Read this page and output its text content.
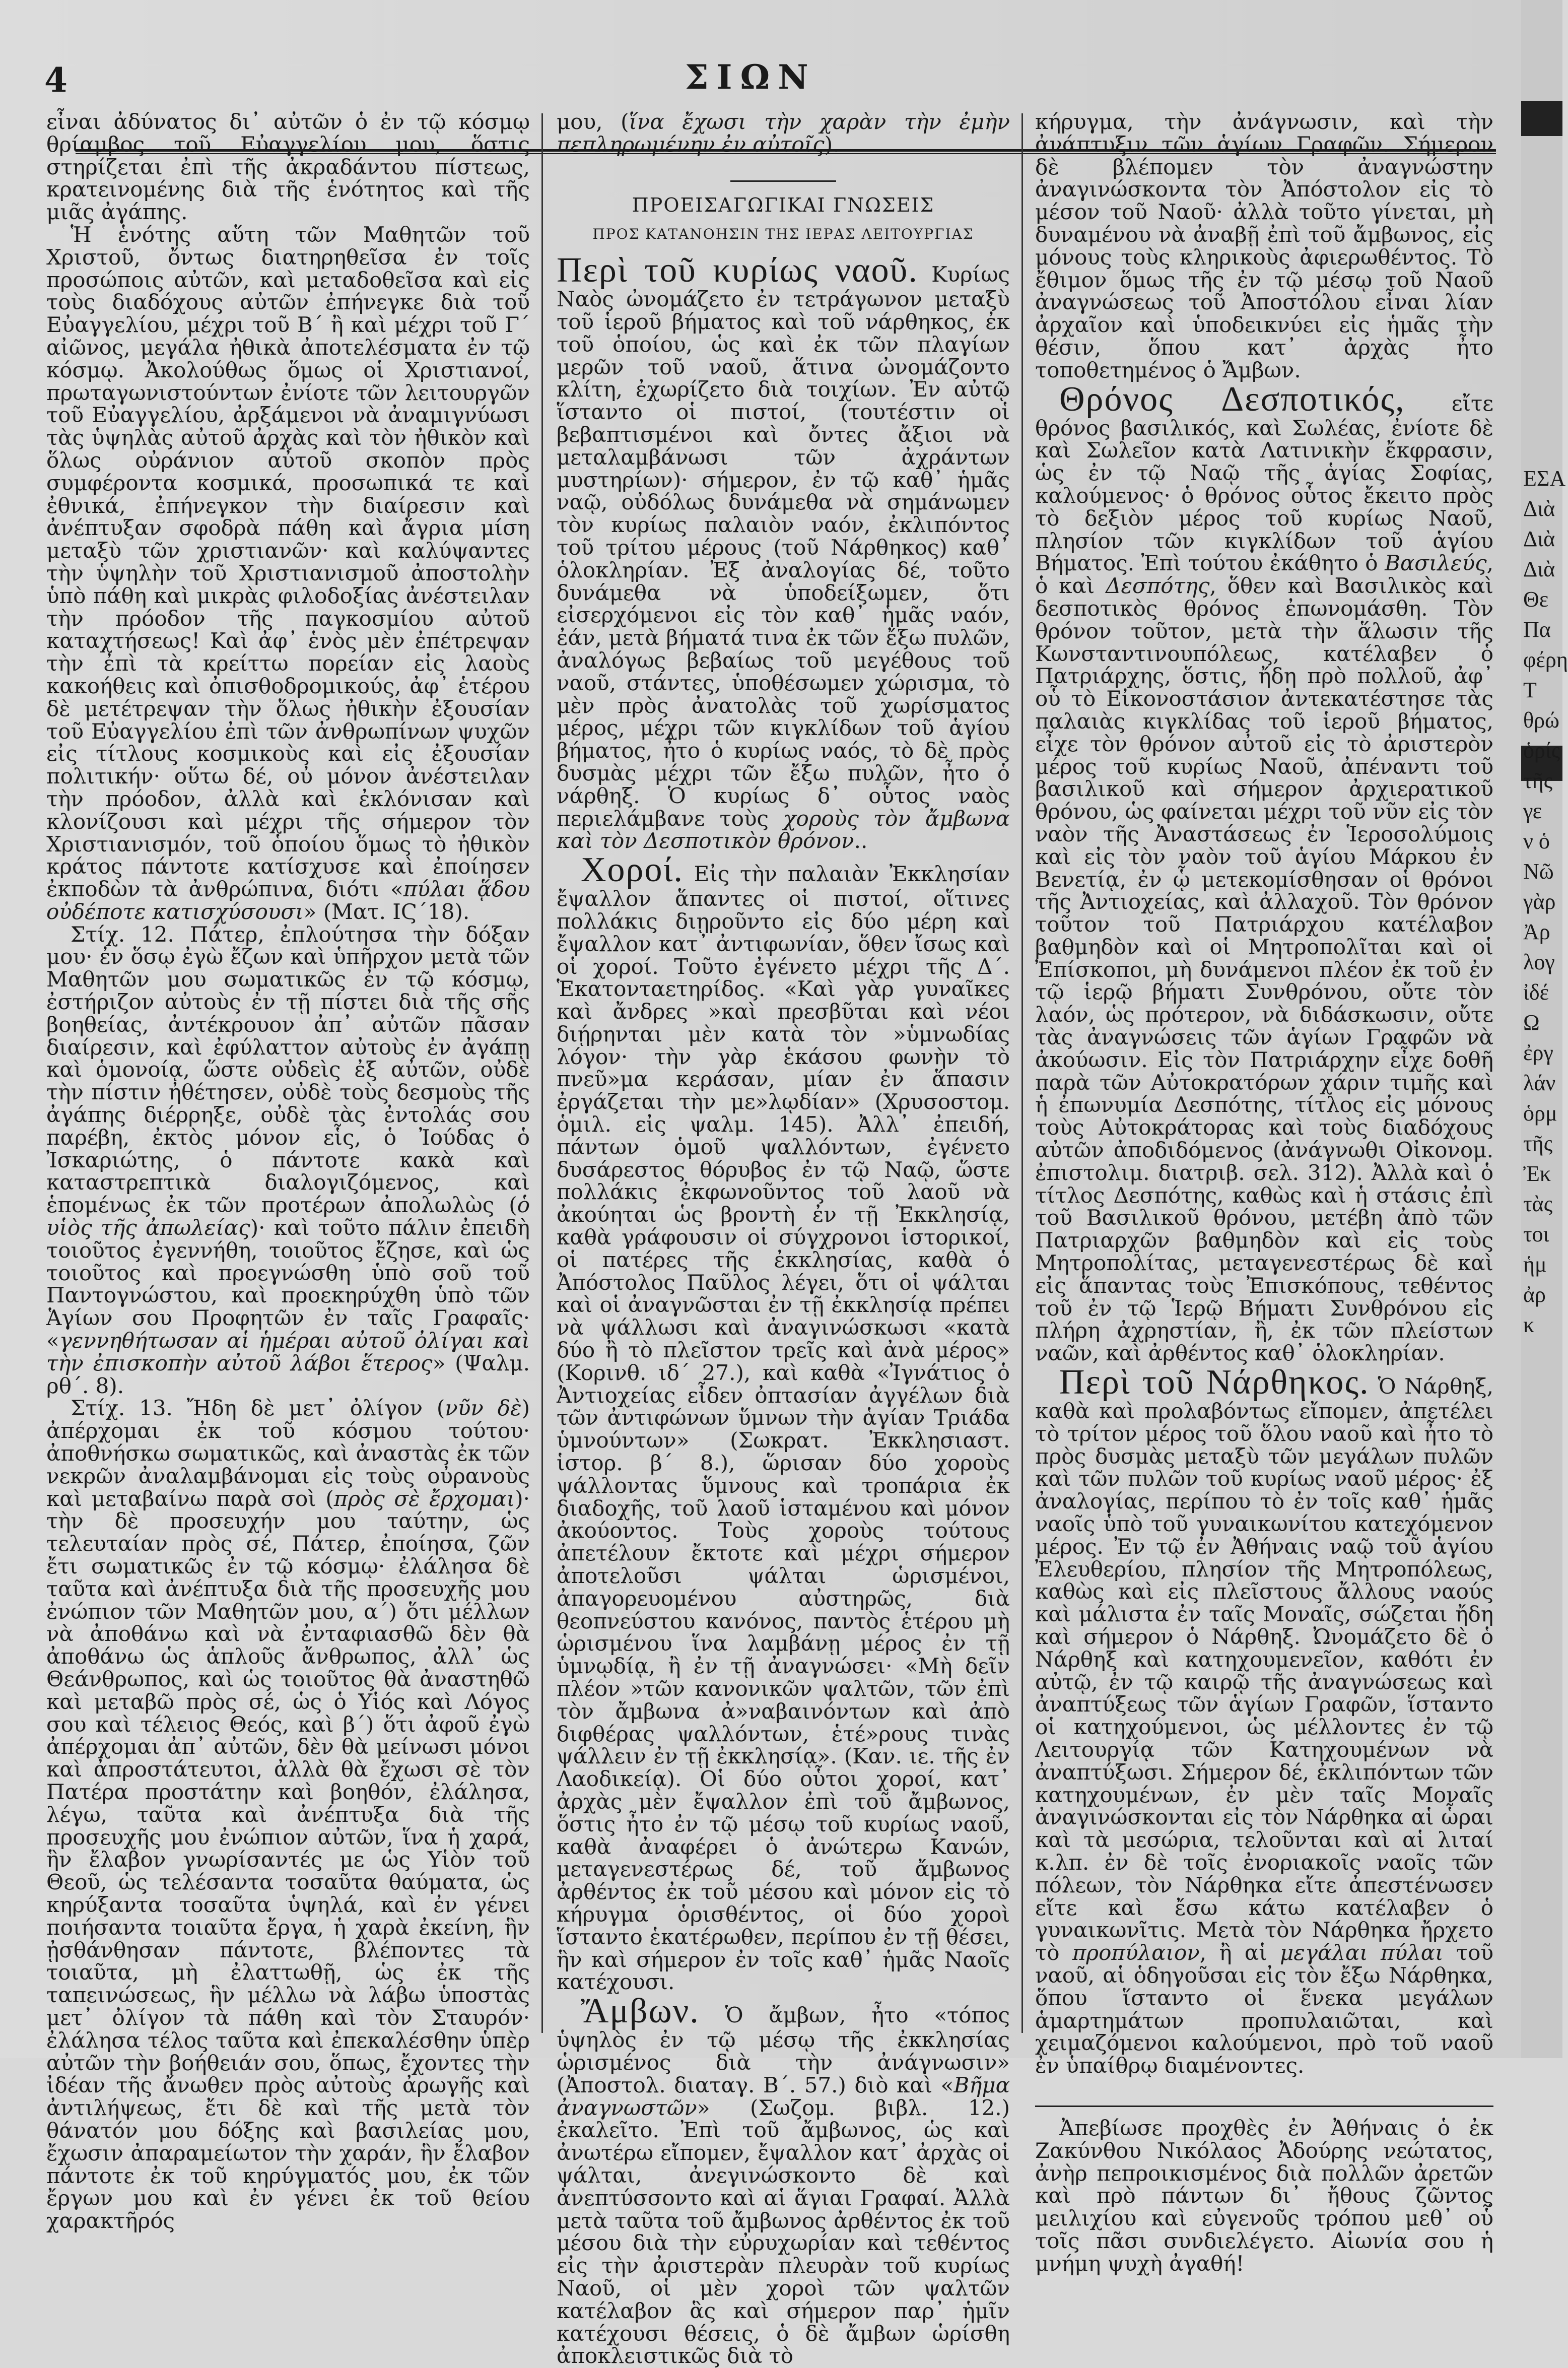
4	ΣΙΩΝ

εἶναι ἀδύνατος δι᾽ αὐτῶν ὁ ἐν τῷ κόσμῳ θρίαμβος τοῦ Εὐαγγελίου μου, ὅστις στηρίζεται ἐπὶ τῆς ἀκραδάντου πίστεως, κρατεινομένης διὰ τῆς ἑνότητος καὶ τῆς μιᾶς ἀγάπης.

Ἡ ἑνότης αὕτη τῶν Μαθητῶν τοῦ Χριστοῦ, ὄντως διατηρηθεῖσα ἐν τοῖς προσώποις αὐτῶν, καὶ μεταδοθεῖσα καὶ εἰς τοὺς διαδόχους αὐτῶν ἐπήνεγκε διὰ τοῦ Εὐαγγελίου, μέχρι τοῦ Β´ ἢ καὶ μέχρι τοῦ Γ´ αἰῶνος, μεγάλα ἠθικὰ ἀποτελέσματα ἐν τῷ κόσμῳ. Ἀκολούθως ὅμως οἱ Χριστιανοί, πρωταγωνιστούντων ἐνίοτε τῶν λειτουργῶν τοῦ Εὐαγγελίου, ἀρξάμενοι νὰ ἀναμιγνύωσι τὰς ὑψηλὰς αὐτοῦ ἀρχὰς καὶ τὸν ἠθικὸν καὶ ὅλως οὐράνιον αὐτοῦ σκοπὸν πρὸς συμφέροντα κοσμικά, προσωπικά τε καὶ ἐθνικά, ἐπήνεγκον τὴν διαίρεσιν καὶ ἀνέπτυξαν σφοδρὰ πάθη καὶ ἄγρια μίση μεταξὺ τῶν χριστιανῶν· καὶ καλύψαντες τὴν ὑψηλὴν τοῦ Χριστιανισμοῦ ἀποστολὴν ὑπὸ πάθη καὶ μικρὰς φιλοδοξίας ἀνέστειλαν τὴν πρόοδον τῆς παγκοσμίου αὐτοῦ καταχτήσεως! Καὶ ἀφ᾽ ἑνὸς μὲν ἐπέτρεψαν τὴν ἐπὶ τὰ κρείττω πορείαν εἰς λαοὺς κακοήθεις καὶ ὀπισθοδρομικούς, ἀφ᾽ ἑτέρου δὲ μετέτρεψαν τὴν ὅλως ἠθικὴν ἐξουσίαν τοῦ Εὐαγγελίου ἐπὶ τῶν ἀνθρωπίνων ψυχῶν εἰς τίτλους κοσμικοὺς καὶ εἰς ἐξουσίαν πολιτικήν· οὕτω δέ, οὐ μόνον ἀνέστειλαν τὴν πρόοδον, ἀλλὰ καὶ ἐκλόνισαν καὶ κλονίζουσι καὶ μέχρι τῆς σήμερον τὸν Χριστιανισμόν, τοῦ ὁποίου ὅμως τὸ ἠθικὸν κράτος πάντοτε κατίσχυσε καὶ ἐποίησεν ἐκποδὼν τὰ ἀνθρώπινα, διότι «πύλαι ᾅδου οὐδέποτε κατισχύσουσι» (Ματ. ΙϚ´18).

Στίχ. 12. Πάτερ, ἐπλούτησα τὴν δόξαν μου· ἐν ὅσῳ ἐγὼ ἔζων καὶ ὑπῆρχον μετὰ τῶν Μαθητῶν μου σωματικῶς ἐν τῷ κόσμῳ, ἐστήριζον αὐτοὺς ἐν τῇ πίστει διὰ τῆς σῆς βοηθείας, ἀντέκρουον ἀπ᾽ αὐτῶν πᾶσαν διαίρεσιν, καὶ ἐφύλαττον αὐτοὺς ἐν ἀγάπῃ καὶ ὁμονοίᾳ, ὥστε οὐδεὶς ἐξ αὐτῶν, οὐδὲ τὴν πίστιν ἠθέτησεν, οὐδὲ τοὺς δεσμοὺς τῆς ἀγάπης διέρρηξε, οὐδὲ τὰς ἐντολάς σου παρέβη, ἐκτὸς μόνον εἷς, ὁ Ἰούδας ὁ Ἰσκαριώτης, ὁ πάντοτε κακὰ καὶ καταστρεπτικὰ διαλογιζόμενος, καὶ ἑπομένως ἐκ τῶν προτέρων ἀπολωλὼς (ὁ υἱὸς τῆς ἀπωλείας)· καὶ τοῦτο πάλιν ἐπειδὴ τοιοῦτος ἐγεννήθη, τοιοῦτος ἔζησε, καὶ ὡς τοιοῦτος καὶ προεγνώσθη ὑπὸ σοῦ τοῦ Παντογνώστου, καὶ προεκηρύχθη ὑπὸ τῶν Ἁγίων σου Προφητῶν ἐν ταῖς Γραφαῖς· «γεννηθήτωσαν αἱ ἡμέραι αὐτοῦ ὀλίγαι καὶ τὴν ἐπισκοπὴν αὐτοῦ λάβοι ἕτερος» (Ψαλμ. ρθ´. 8).

Στίχ. 13. Ἤδη δὲ μετ᾽ ὀλίγον (νῦν δὲ) ἀπέρχομαι ἐκ τοῦ κόσμου τούτου· ἀποθνήσκω σωματικῶς, καὶ ἀναστὰς ἐκ τῶν νεκρῶν ἀναλαμβάνομαι εἰς τοὺς οὐρανοὺς καὶ μεταβαίνω παρὰ σοὶ (πρὸς σὲ ἔρχομαι)· τὴν δὲ προσευχήν μου ταύτην, ὡς τελευταίαν πρὸς σέ, Πάτερ, ἐποίησα, ζῶν ἔτι σωματικῶς ἐν τῷ κόσμῳ· ἐλάλησα δὲ ταῦτα καὶ ἀνέπτυξα διὰ τῆς προσευχῆς μου ἐνώπιον τῶν Μαθητῶν μου, α´) ὅτι μέλλων νὰ ἀποθάνω καὶ νὰ ἐνταφιασθῶ δὲν θὰ ἀποθάνω ὡς ἁπλοῦς ἄνθρωπος, ἀλλ᾽ ὡς Θεάνθρωπος, καὶ ὡς τοιοῦτος θὰ ἀναστηθῶ καὶ μεταβῶ πρὸς σέ, ὡς ὁ Υἱός καὶ Λόγος σου καὶ τέλειος Θεός, καὶ β´) ὅτι ἀφοῦ ἐγὼ ἀπέρχομαι ἀπ᾽ αὐτῶν, δὲν θὰ μείνωσι μόνοι καὶ ἀπροστάτευτοι, ἀλλὰ θὰ ἔχωσι σὲ τὸν Πατέρα προστάτην καὶ βοηθόν, ἐλάλησα, λέγω, ταῦτα καὶ ἀνέπτυξα διὰ τῆς προσευχῆς μου ἐνώπιον αὐτῶν, ἵνα ἡ χαρά, ἣν ἔλαβον γνωρίσαντές με ὡς Υἱὸν τοῦ Θεοῦ, ὡς τελέσαντα τοσαῦτα θαύματα, ὡς κηρύξαντα τοσαῦτα ὑψηλά, καὶ ἐν γένει ποιήσαντα τοιαῦτα ἔργα, ἡ χαρὰ ἐκείνη, ἣν ᾐσθάνθησαν πάντοτε, βλέποντες τὰ τοιαῦτα, μὴ ἐλαττωθῇ, ὡς ἐκ τῆς ταπεινώσεως, ἣν μέλλω νὰ λάβω ὑποστὰς μετ᾽ ὀλίγον τὰ πάθη καὶ τὸν Σταυρόν· ἐλάλησα τέλος ταῦτα καὶ ἐπεκαλέσθην ὑπὲρ αὐτῶν τὴν βοήθειάν σου, ὅπως, ἔχοντες τὴν ἰδέαν τῆς ἄνωθεν πρὸς αὐτοὺς ἀρωγῆς καὶ ἀντιλήψεως, ἔτι δὲ καὶ τῆς μετὰ τὸν θάνατόν μου δόξης καὶ βασιλείας μου, ἔχωσιν ἀπαραμείωτον τὴν χαράν, ἣν ἔλαβον πάντοτε ἐκ τοῦ κηρύγματός μου, ἐκ τῶν ἔργων μου καὶ ἐν γένει ἐκ τοῦ θείου χαρακτῆρός

μου, (ἵνα ἔχωσι τὴν χαρὰν τὴν ἐμὴν πεπληρωμένην ἐν αὐτοῖς).

ΠΡΟΕΙΣΑΓΩΓΙΚΑΙ ΓΝΩΣΕΙΣ
ΠΡΟΣ ΚΑΤΑΝΟΗΣΙΝ ΤΗΣ ΙΕΡΑΣ ΛΕΙΤΟΥΡΓΙΑΣ

Περὶ τοῦ κυρίως ναοῦ. Κυρίως Ναὸς ὠνομάζετο ἐν τετράγωνον μεταξὺ τοῦ ἱεροῦ βήματος καὶ τοῦ νάρθηκος, ἐκ τοῦ ὁποίου, ὡς καὶ ἐκ τῶν πλαγίων μερῶν τοῦ ναοῦ, ἅτινα ὠνομάζοντο κλίτη, ἐχωρίζετο διὰ τοιχίων. Ἐν αὐτῷ ἵσταντο οἱ πιστοί, (τουτέστιν οἱ βεβαπτισμένοι καὶ ὄντες ἄξιοι νὰ μεταλαμβάνωσι τῶν ἀχράντων μυστηρίων)· σήμερον, ἐν τῷ καθ᾽ ἡμᾶς ναῷ, οὐδόλως δυνάμεθα νὰ σημάνωμεν τὸν κυρίως παλαιὸν ναόν, ἐκλιπόντος τοῦ τρίτου μέρους (τοῦ Νάρθηκος) καθ᾽ ὁλοκληρίαν. Ἐξ ἀναλογίας δέ, τοῦτο δυνάμεθα νὰ ὑποδείξωμεν, ὅτι εἰσερχόμενοι εἰς τὸν καθ᾽ ἡμᾶς ναόν, ἐάν, μετὰ βήματά τινα ἐκ τῶν ἔξω πυλῶν, ἀναλόγως βεβαίως τοῦ μεγέθους τοῦ ναοῦ, στάντες, ὑποθέσωμεν χώρισμα, τὸ μὲν πρὸς ἀνατολὰς τοῦ χωρίσματος μέρος, μέχρι τῶν κιγκλίδων τοῦ ἁγίου βήματος, ἦτο ὁ κυρίως ναός, τὸ δὲ πρὸς δυσμὰς μέχρι τῶν ἔξω πυλῶν, ἦτο ὁ νάρθηξ. Ὁ κυρίως δ᾽ οὗτος ναὸς περιελάμβανε τοὺς χοροὺς τὸν ἄμβωνα καὶ τὸν Δεσποτικὸν θρόνον..

Χοροί. Εἰς τὴν παλαιὰν Ἐκκλησίαν ἔψαλλον ἅπαντες οἱ πιστοί, οἵτινες πολλάκις διῃροῦντο εἰς δύο μέρη καὶ ἔψαλλον κατ᾽ ἀντιφωνίαν, ὅθεν ἴσως καὶ οἱ χοροί. Τοῦτο ἐγένετο μέχρι τῆς Δ´. Ἑκατονταετηρίδος. «Καὶ γὰρ γυναῖκες καὶ ἄνδρες »καὶ πρεσβῦται καὶ νέοι διῄρηνται μὲν κατὰ τὸν »ὑμνωδίας λόγον· τὴν γὰρ ἑκάσου φωνὴν τὸ πνεῦ»μα κεράσαν, μίαν ἐν ἅπασιν ἐργάζεται τὴν με»λῳδίαν» (Χρυσοστομ. ὁμιλ. εἰς ψαλμ. 145). Ἀλλ᾽ ἐπειδή, πάντων ὁμοῦ ψαλλόντων, ἐγένετο δυσάρεστος θόρυβος ἐν τῷ Ναῷ, ὥστε πολλάκις ἐκφωνοῦντος τοῦ λαοῦ νὰ ἀκούηται ὡς βροντὴ ἐν τῇ Ἐκκλησίᾳ, καθὰ γράφουσιν οἱ σύγχρονοι ἱστορικοί, οἱ πατέρες τῆς ἐκκλησίας, καθὰ ὁ Ἀπόστολος Παῦλος λέγει, ὅτι οἱ ψάλται καὶ οἱ ἀναγνῶσται ἐν τῇ ἐκκλησίᾳ πρέπει νὰ ψάλλωσι καὶ ἀναγινώσκωσι «κατὰ δύο ἢ τὸ πλεῖστον τρεῖς καὶ ἀνὰ μέρος» (Κορινθ. ιδ´ 27.), καὶ καθὰ «Ἰγνάτιος ὁ Ἀντιοχείας εἶδεν ὀπτασίαν ἀγγέλων διὰ τῶν ἀντιφώνων ὕμνων τὴν ἁγίαν Τριάδα ὑμνούντων» (Σωκρατ. Ἐκκλησιαστ. ἱστορ. β´ 8.), ὥρισαν δύο χοροὺς ψάλλοντας ὕμνους καὶ τροπάρια ἐκ διαδοχῆς, τοῦ λαοῦ ἱσταμένου καὶ μόνον ἀκούοντος. Τοὺς χοροὺς τούτους ἀπετέλουν ἔκτοτε καὶ μέχρι σήμερον ἀποτελοῦσι ψάλται ὡρισμένοι, ἀπαγορευομένου αὐστηρῶς, διὰ θεοπνεύστου κανόνος, παντὸς ἑτέρου μὴ ὡρισμένου ἵνα λαμβάνῃ μέρος ἐν τῇ ὑμνῳδίᾳ, ἢ ἐν τῇ ἀναγνώσει· «Μὴ δεῖν πλέον »τῶν κανονικῶν ψαλτῶν, τῶν ἐπὶ τὸν ἄμβωνα ἀ»ναβαινόντων καὶ ἀπὸ διφθέρας ψαλλόντων, ἑτέ»ρους τινὰς ψάλλειν ἐν τῇ ἐκκλησίᾳ». (Καν. ιε. τῆς ἐν Λαοδικείᾳ). Οἱ δύο οὗτοι χοροί, κατ᾽ ἀρχὰς μὲν ἔψαλλον ἐπὶ τοῦ ἄμβωνος, ὅστις ἦτο ἐν τῷ μέσῳ τοῦ κυρίως ναοῦ, καθὰ ἀναφέρει ὁ ἀνώτερω Κανών, μεταγενεστέρως δέ, τοῦ ἄμβωνος ἀρθέντος ἐκ τοῦ μέσου καὶ μόνον εἰς τὸ κήρυγμα ὁρισθέντος, οἱ δύο χοροὶ ἵσταντο ἑκατέρωθεν, περίπου ἐν τῇ θέσει, ἣν καὶ σήμερον ἐν τοῖς καθ᾽ ἡμᾶς Ναοῖς κατέχουσι.

Ἄμβων. Ὁ ἄμβων, ἦτο «τόπος ὑψηλὸς ἐν τῷ μέσῳ τῆς ἐκκλησίας ὡρισμένος διὰ τὴν ἀνάγνωσιν» (Ἀποστολ. διαταγ. Β´. 57.) διὸ καὶ «Βῆμα ἀναγνωστῶν» (Σωζομ. βιβλ. 12.) ἐκαλεῖτο. Ἐπὶ τοῦ ἄμβωνος, ὡς καὶ ἀνωτέρω εἴπομεν, ἔψαλλον κατ᾽ ἀρχὰς οἱ ψάλται, ἀνεγινώσκοντο δὲ καὶ ἀνεπτύσσοντο καὶ αἱ ἅγιαι Γραφαί. Ἀλλὰ μετὰ ταῦτα τοῦ ἄμβωνος ἀρθέντος ἐκ τοῦ μέσου διὰ τὴν εὐρυχωρίαν καὶ τεθέντος εἰς τὴν ἀριστερὰν πλευρὰν τοῦ κυρίως Ναοῦ, οἱ μὲν χοροὶ τῶν ψαλτῶν κατέλαβον ἃς καὶ σήμερον παρ᾽ ἡμῖν κατέχουσι θέσεις, ὁ δὲ ἄμβων ὡρίσθη ἀποκλειστικῶς διὰ τὸ

κήρυγμα, τὴν ἀνάγνωσιν, καὶ τὴν ἀνάπτυξιν τῶν ἁγίων Γραφῶν. Σήμερον δὲ βλέπομεν τὸν ἀναγνώστην ἀναγινώσκοντα τὸν Ἀπόστολον εἰς τὸ μέσον τοῦ Ναοῦ· ἀλλὰ τοῦτο γίνεται, μὴ δυναμένου νὰ ἀναβῇ ἐπὶ τοῦ ἄμβωνος, εἰς μόνους τοὺς κληρικοὺς ἀφιερωθέντος. Τὸ ἔθιμον ὅμως τῆς ἐν τῷ μέσῳ τοῦ Ναοῦ ἀναγνώσεως τοῦ Ἀποστόλου εἶναι λίαν ἀρχαῖον καὶ ὑποδεικνύει εἰς ἡμᾶς τὴν θέσιν, ὅπου κατ᾽ ἀρχὰς ἦτο τοποθετημένος ὁ Ἄμβων.

Θρόνος Δεσποτικός, εἴτε θρόνος βασιλικός, καὶ Σωλέας, ἐνίοτε δὲ καὶ Σωλεῖον κατὰ Λατινικὴν ἔκφρασιν, ὡς ἐν τῷ Ναῷ τῆς ἁγίας Σοφίας, καλούμενος· ὁ θρόνος οὗτος ἔκειτο πρὸς τὸ δεξιὸν μέρος τοῦ κυρίως Ναοῦ, πλησίον τῶν κιγκλίδων τοῦ ἁγίου Βήματος. Ἐπὶ τούτου ἐκάθητο ὁ Βασιλεύς, ὁ καὶ Δεσπότης, ὅθεν καὶ Βασιλικὸς καὶ δεσποτικὸς θρόνος ἐπωνομάσθη. Τὸν θρόνον τοῦτον, μετὰ τὴν ἅλωσιν τῆς Κωνσταντινουπόλεως, κατέλαβεν ὁ Πατριάρχης, ὅστις, ἤδη πρὸ πολλοῦ, ἀφ᾽ οὗ τὸ Εἰκονοστάσιον ἀντεκατέστησε τὰς παλαιὰς κιγκλίδας τοῦ ἱεροῦ βήματος, εἶχε τὸν θρόνον αὐτοῦ εἰς τὸ ἀριστερὸν μέρος τοῦ κυρίως Ναοῦ, ἀπέναντι τοῦ βασιλικοῦ καὶ σήμερον ἀρχιερατικοῦ θρόνου, ὡς φαίνεται μέχρι τοῦ νῦν εἰς τὸν ναὸν τῆς Ἀναστάσεως ἐν Ἱεροσολύμοις καὶ εἰς τὸν ναὸν τοῦ ἁγίου Μάρκου ἐν Βενετίᾳ, ἐν ᾧ μετεκομίσθησαν οἱ θρόνοι τῆς Ἀντιοχείας, καὶ ἀλλαχοῦ. Τὸν θρόνον τοῦτον τοῦ Πατριάρχου κατέλαβον βαθμηδὸν καὶ οἱ Μητροπολῖται καὶ οἱ Ἐπίσκοποι, μὴ δυνάμενοι πλέον ἐκ τοῦ ἐν τῷ ἱερῷ βήματι Συνθρόνου, οὔτε τὸν λαόν, ὡς πρότερον, νὰ διδάσκωσιν, οὔτε τὰς ἀναγνώσεις τῶν ἁγίων Γραφῶν νὰ ἀκούωσιν. Εἰς τὸν Πατριάρχην εἶχε δοθῆ παρὰ τῶν Αὐτοκρατόρων χάριν τιμῆς καὶ ἡ ἐπωνυμία Δεσπότης, τίτλος εἰς μόνους τοὺς Αὐτοκράτορας καὶ τοὺς διαδόχους αὐτῶν ἀποδιδόμενος (ἀνάγνωθι Οἰκονομ. ἐπιστολιμ. διατριβ. σελ. 312). Ἀλλὰ καὶ ὁ τίτλος Δεσπότης, καθὼς καὶ ἡ στάσις ἐπὶ τοῦ Βασιλικοῦ θρόνου, μετέβη ἀπὸ τῶν Πατριαρχῶν βαθμηδὸν καὶ εἰς τοὺς Μητροπολίτας, μεταγενεστέρως δὲ καὶ εἰς ἅπαντας τοὺς Ἐπισκόπους, τεθέντος τοῦ ἐν τῷ Ἱερῷ Βήματι Συνθρόνου εἰς πλήρη ἀχρηστίαν, ἢ, ἐκ τῶν πλείστων ναῶν, καὶ ἀρθέντος καθ᾽ ὁλοκληρίαν.

Περὶ τοῦ Νάρθηκος. Ὁ Νάρθηξ, καθὰ καὶ προλαβόντως εἴπομεν, ἀπετέλει τὸ τρίτον μέρος τοῦ ὅλου ναοῦ καὶ ἦτο τὸ πρὸς δυσμὰς μεταξὺ τῶν μεγάλων πυλῶν καὶ τῶν πυλῶν τοῦ κυρίως ναοῦ μέρος· ἐξ ἀναλογίας, περίπου τὸ ἐν τοῖς καθ᾽ ἡμᾶς ναοῖς ὑπὸ τοῦ γυναικωνίτου κατεχόμενον μέρος. Ἐν τῷ ἐν Ἀθήναις ναῷ τοῦ ἁγίου Ἐλευθερίου, πλησίον τῆς Μητροπόλεως, καθὼς καὶ εἰς πλεῖστους ἄλλους ναούς καὶ μάλιστα ἐν ταῖς Μοναῖς, σώζεται ἤδη καὶ σήμερον ὁ Νάρθηξ. Ὠνομάζετο δὲ ὁ Νάρθηξ καὶ κατηχουμενεῖον, καθότι ἐν αὐτῷ, ἐν τῷ καιρῷ τῆς ἀναγνώσεως καὶ ἀναπτύξεως τῶν ἁγίων Γραφῶν, ἵσταντο οἱ κατηχούμενοι, ὡς μέλλοντες ἐν τῷ Λειτουργίᾳ τῶν Κατηχουμένων νὰ ἀναπτύξωσι. Σήμερον δέ, ἐκλιπόντων τῶν κατηχουμένων, ἐν μὲν ταῖς Μοναῖς ἀναγινώσκονται εἰς τὸν Νάρθηκα αἱ ὧραι καὶ τὰ μεσώρια, τελοῦνται καὶ αἱ λιταί κ.λπ. ἐν δὲ τοῖς ἐνοριακοῖς ναοῖς τῶν πόλεων, τὸν Νάρθηκα εἴτε ἀπεστένωσεν εἴτε καὶ ἔσω κάτω κατέλαβεν ὁ γυναικωνῖτις. Μετὰ τὸν Νάρθηκα ἤρχετο τὸ προπύλαιον, ἢ αἱ μεγάλαι πύλαι τοῦ ναοῦ, αἱ ὁδηγοῦσαι εἰς τὸν ἔξω Νάρθηκα, ὅπου ἵσταντο οἱ ἕνεκα μεγάλων ἁμαρτημάτων προπυλαιῶται, καὶ χειμαζόμενοι καλούμενοι, πρὸ τοῦ ναοῦ ἐν ὑπαίθρῳ διαμένοντες.

Ἀπεβίωσε προχθὲς ἐν Ἀθήναις ὁ ἐκ Ζακύνθου Νικόλαος Ἀδούρης νεώτατος, ἀνὴρ πεπροικισμένος διὰ πολλῶν ἀρετῶν καὶ πρὸ πάντων δι᾽ ἤθους ζῶντος μειλιχίου καὶ εὐγενοῦς τρόπου μεθ᾽ οὗ τοῖς πᾶσι συνδιελέγετο. Αἰωνία σου ἡ μνήμη ψυχὴ ἀγαθή!

ΕΣΑ
Διὰ
Διὰ
Διὰ
Θε
Πα
φέρη
Τ
θρώ
ὁρίς
τῆς
γε
ν ὁ
Νῶ
γὰρ
Ἀρ
λογ
ἰδέ
Ω
ἐργ
λάν
ὁρμ
τῆς
Ἐκ
τὰς
τοι
ἡμ
ἀρ
κ
